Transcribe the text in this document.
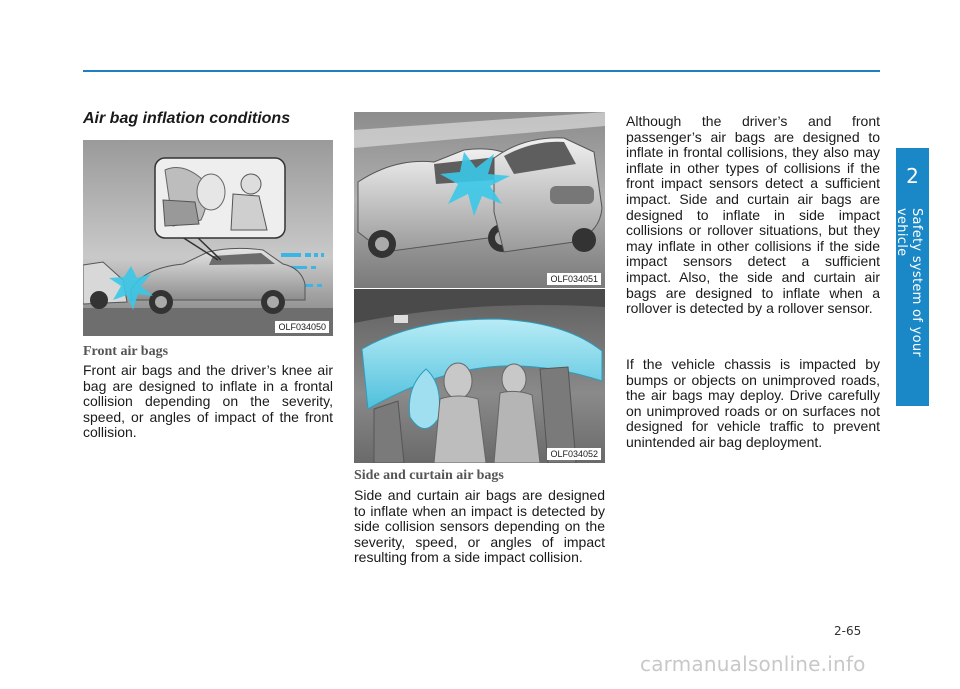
2
Safety system of your vehicle
Air bag inflation conditions
OLF034050
Front air bags
Front air bags and the driver’s knee air bag are designed to inflate in a frontal collision depending on the severity, speed, or angles of impact of the front collision.
OLF034051
OLF034052
Side and curtain air bags
Side and curtain air bags are designed to inflate when an impact is detected by side collision sensors depending on the severity, speed, or angles of impact resulting from a side impact collision.
Although the driver’s and front passenger’s air bags are designed to inflate in frontal collisions, they also may inflate in other types of collisions if the front impact sensors detect a sufficient impact. Side and curtain air bags are designed to inflate in side impact collisions or rollover situations, but they may inflate in other collisions if the side impact sensors detect a sufficient impact. Also, the side and curtain air bags are designed to inflate when a rollover is detected by a rollover sensor.
If the vehicle chassis is impacted by bumps or objects on unimproved roads, the air bags may deploy. Drive carefully on unimproved roads or on surfaces not designed for vehicle traffic to prevent unintended air bag deployment.
2-65
carmanualsonline.info
